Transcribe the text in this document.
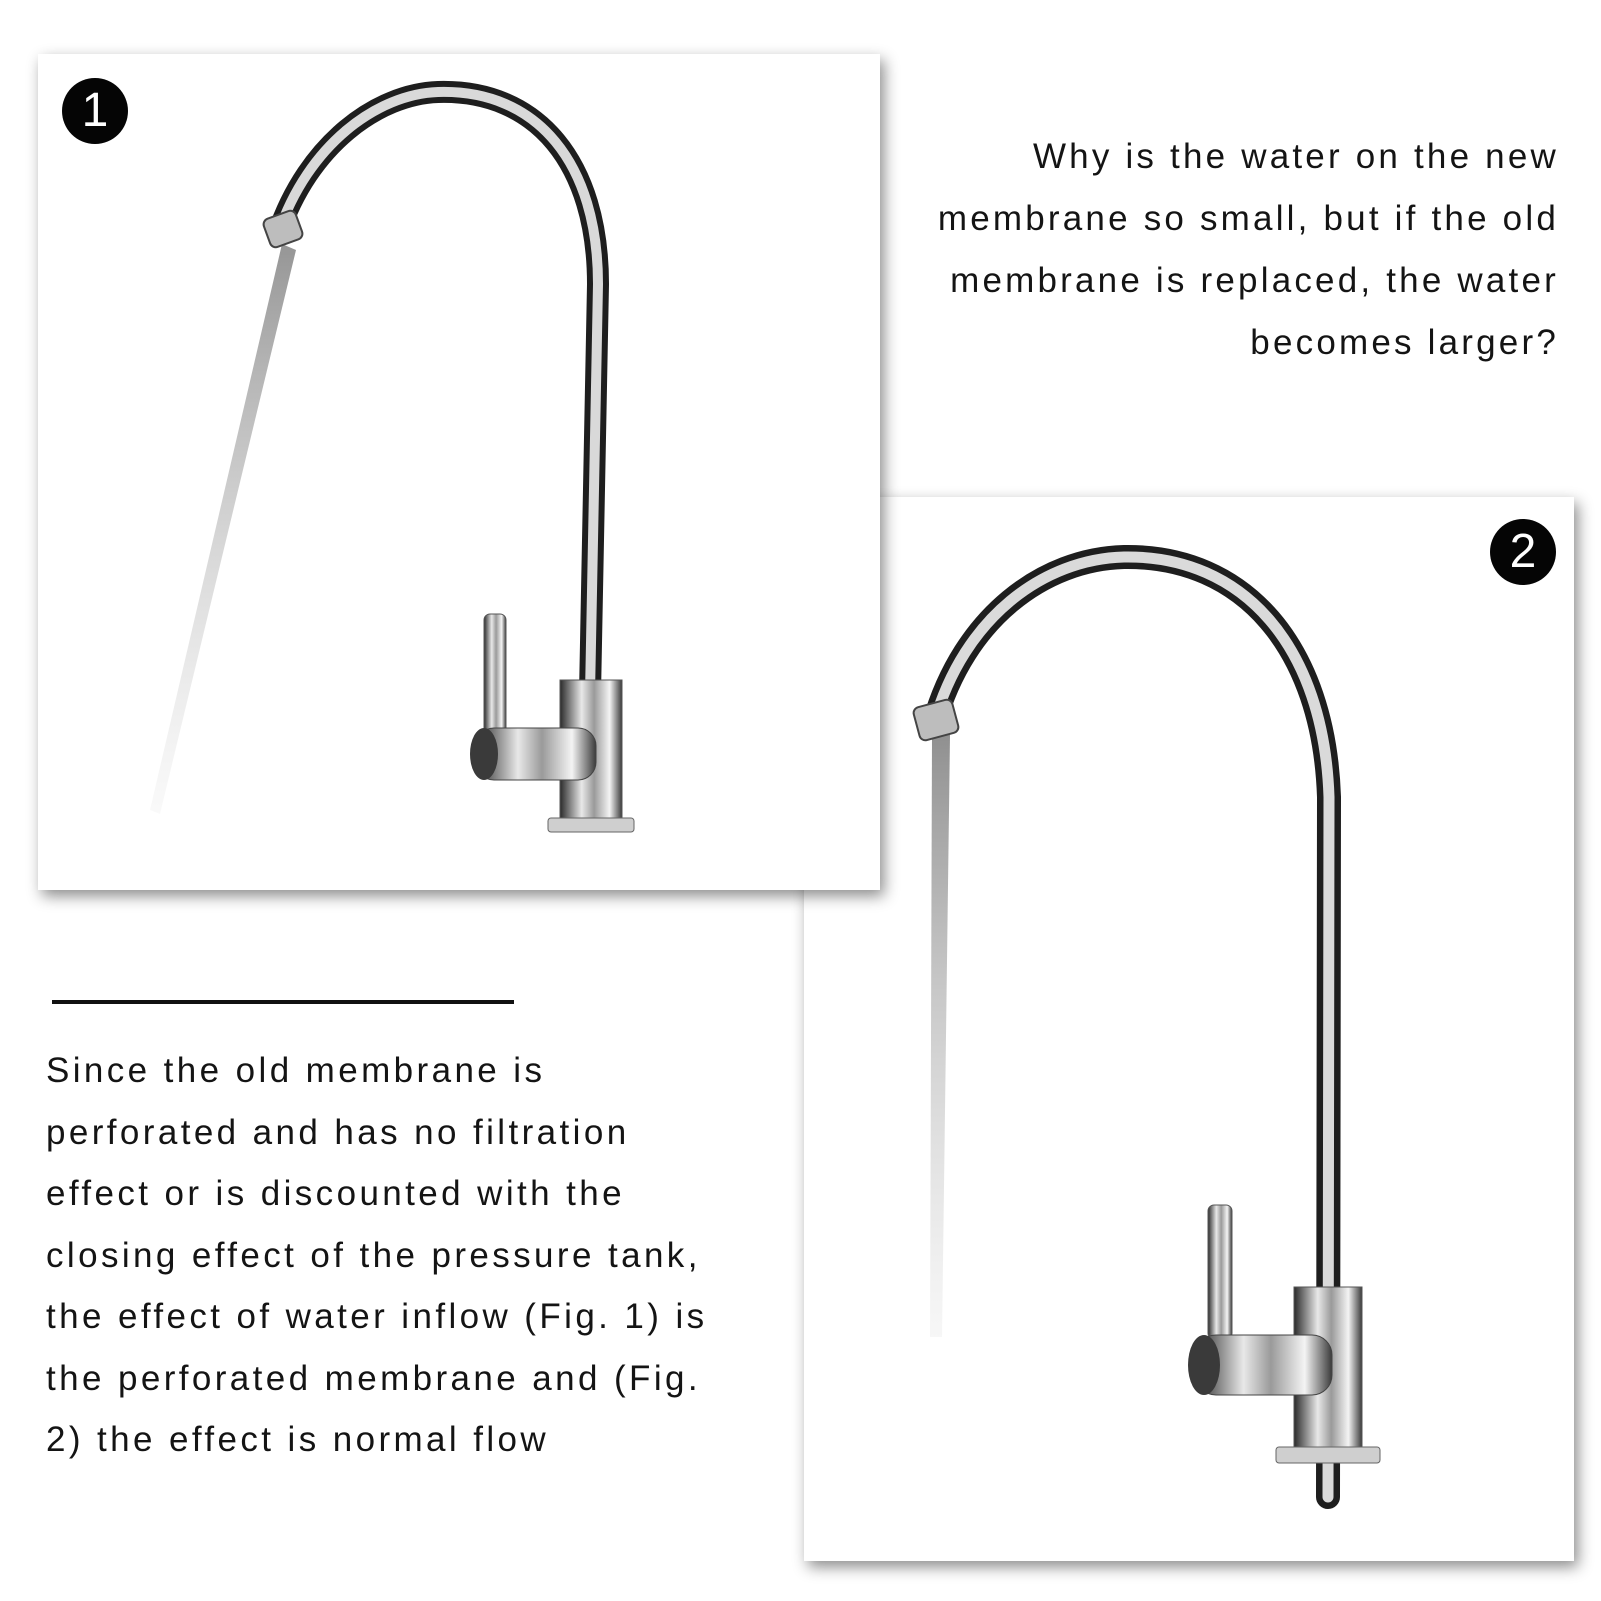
1
2

Why is the water on the new
membrane so small, but if the old
membrane is replaced, the water
becomes larger?

Since the old membrane is
perforated and has no filtration
effect or is discounted with the
closing effect of the pressure tank,
the effect of water inflow (Fig. 1) is
the perforated membrane and (Fig.
2) the effect is normal flow
